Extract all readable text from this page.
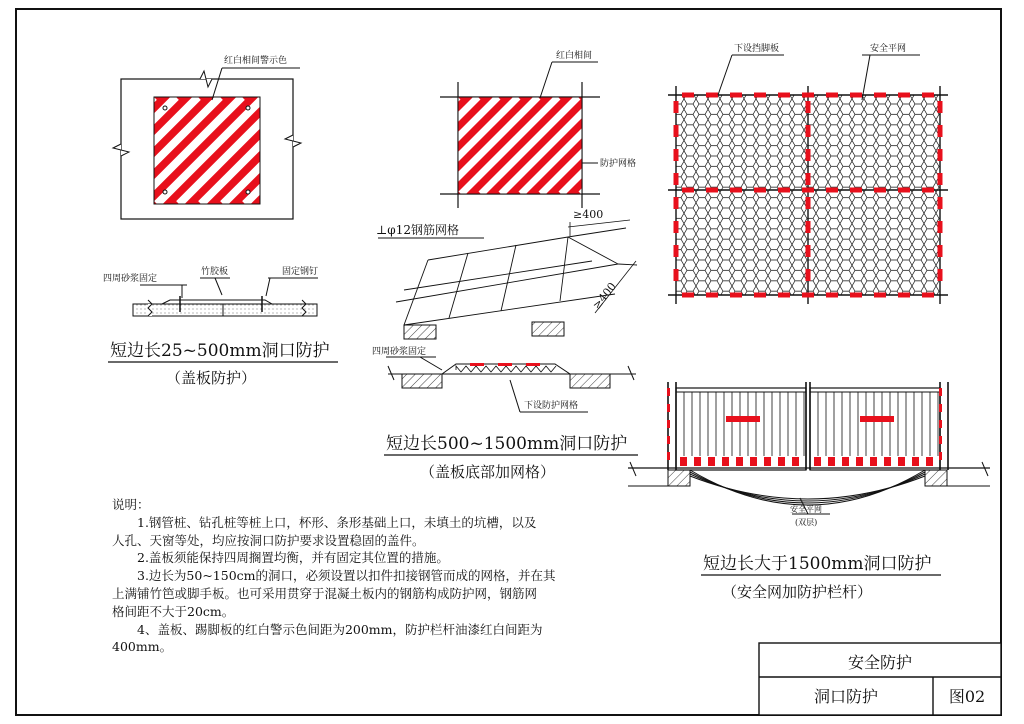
红白相间警示色
四周砂浆固定
竹胶板	固定钢钉
短边长25~500mm洞口防护
（盖板防护）
红白相间
防护网格
≥400
≥400
⊥φ12钢筋网格
四周砂浆固定
下设防护网格
短边长500~1500mm洞口防护
（盖板底部加网格）
下设挡脚板	安全平网
安全平网
(双层)
短边长大于1500mm洞口防护
（安全网加防护栏杆）
安全防护
洞口防护	图02

说明：

1.钢管桩、钻孔桩等桩上口，杯形、条形基础上口，未填土的坑槽，以及

人孔、天窗等处，均应按洞口防护要求设置稳固的盖件。

2.盖板须能保持四周搁置均衡，并有固定其位置的措施。

3.边长为50~150cm的洞口，必须设置以扣件扣接钢管而成的网格，并在其

上满铺竹笆或脚手板。也可采用贯穿于混凝土板内的钢筋构成防护网，钢筋网

格间距不大于20cm。

4、盖板、踢脚板的红白警示色间距为200mm，防护栏杆油漆红白间距为

400mm。
